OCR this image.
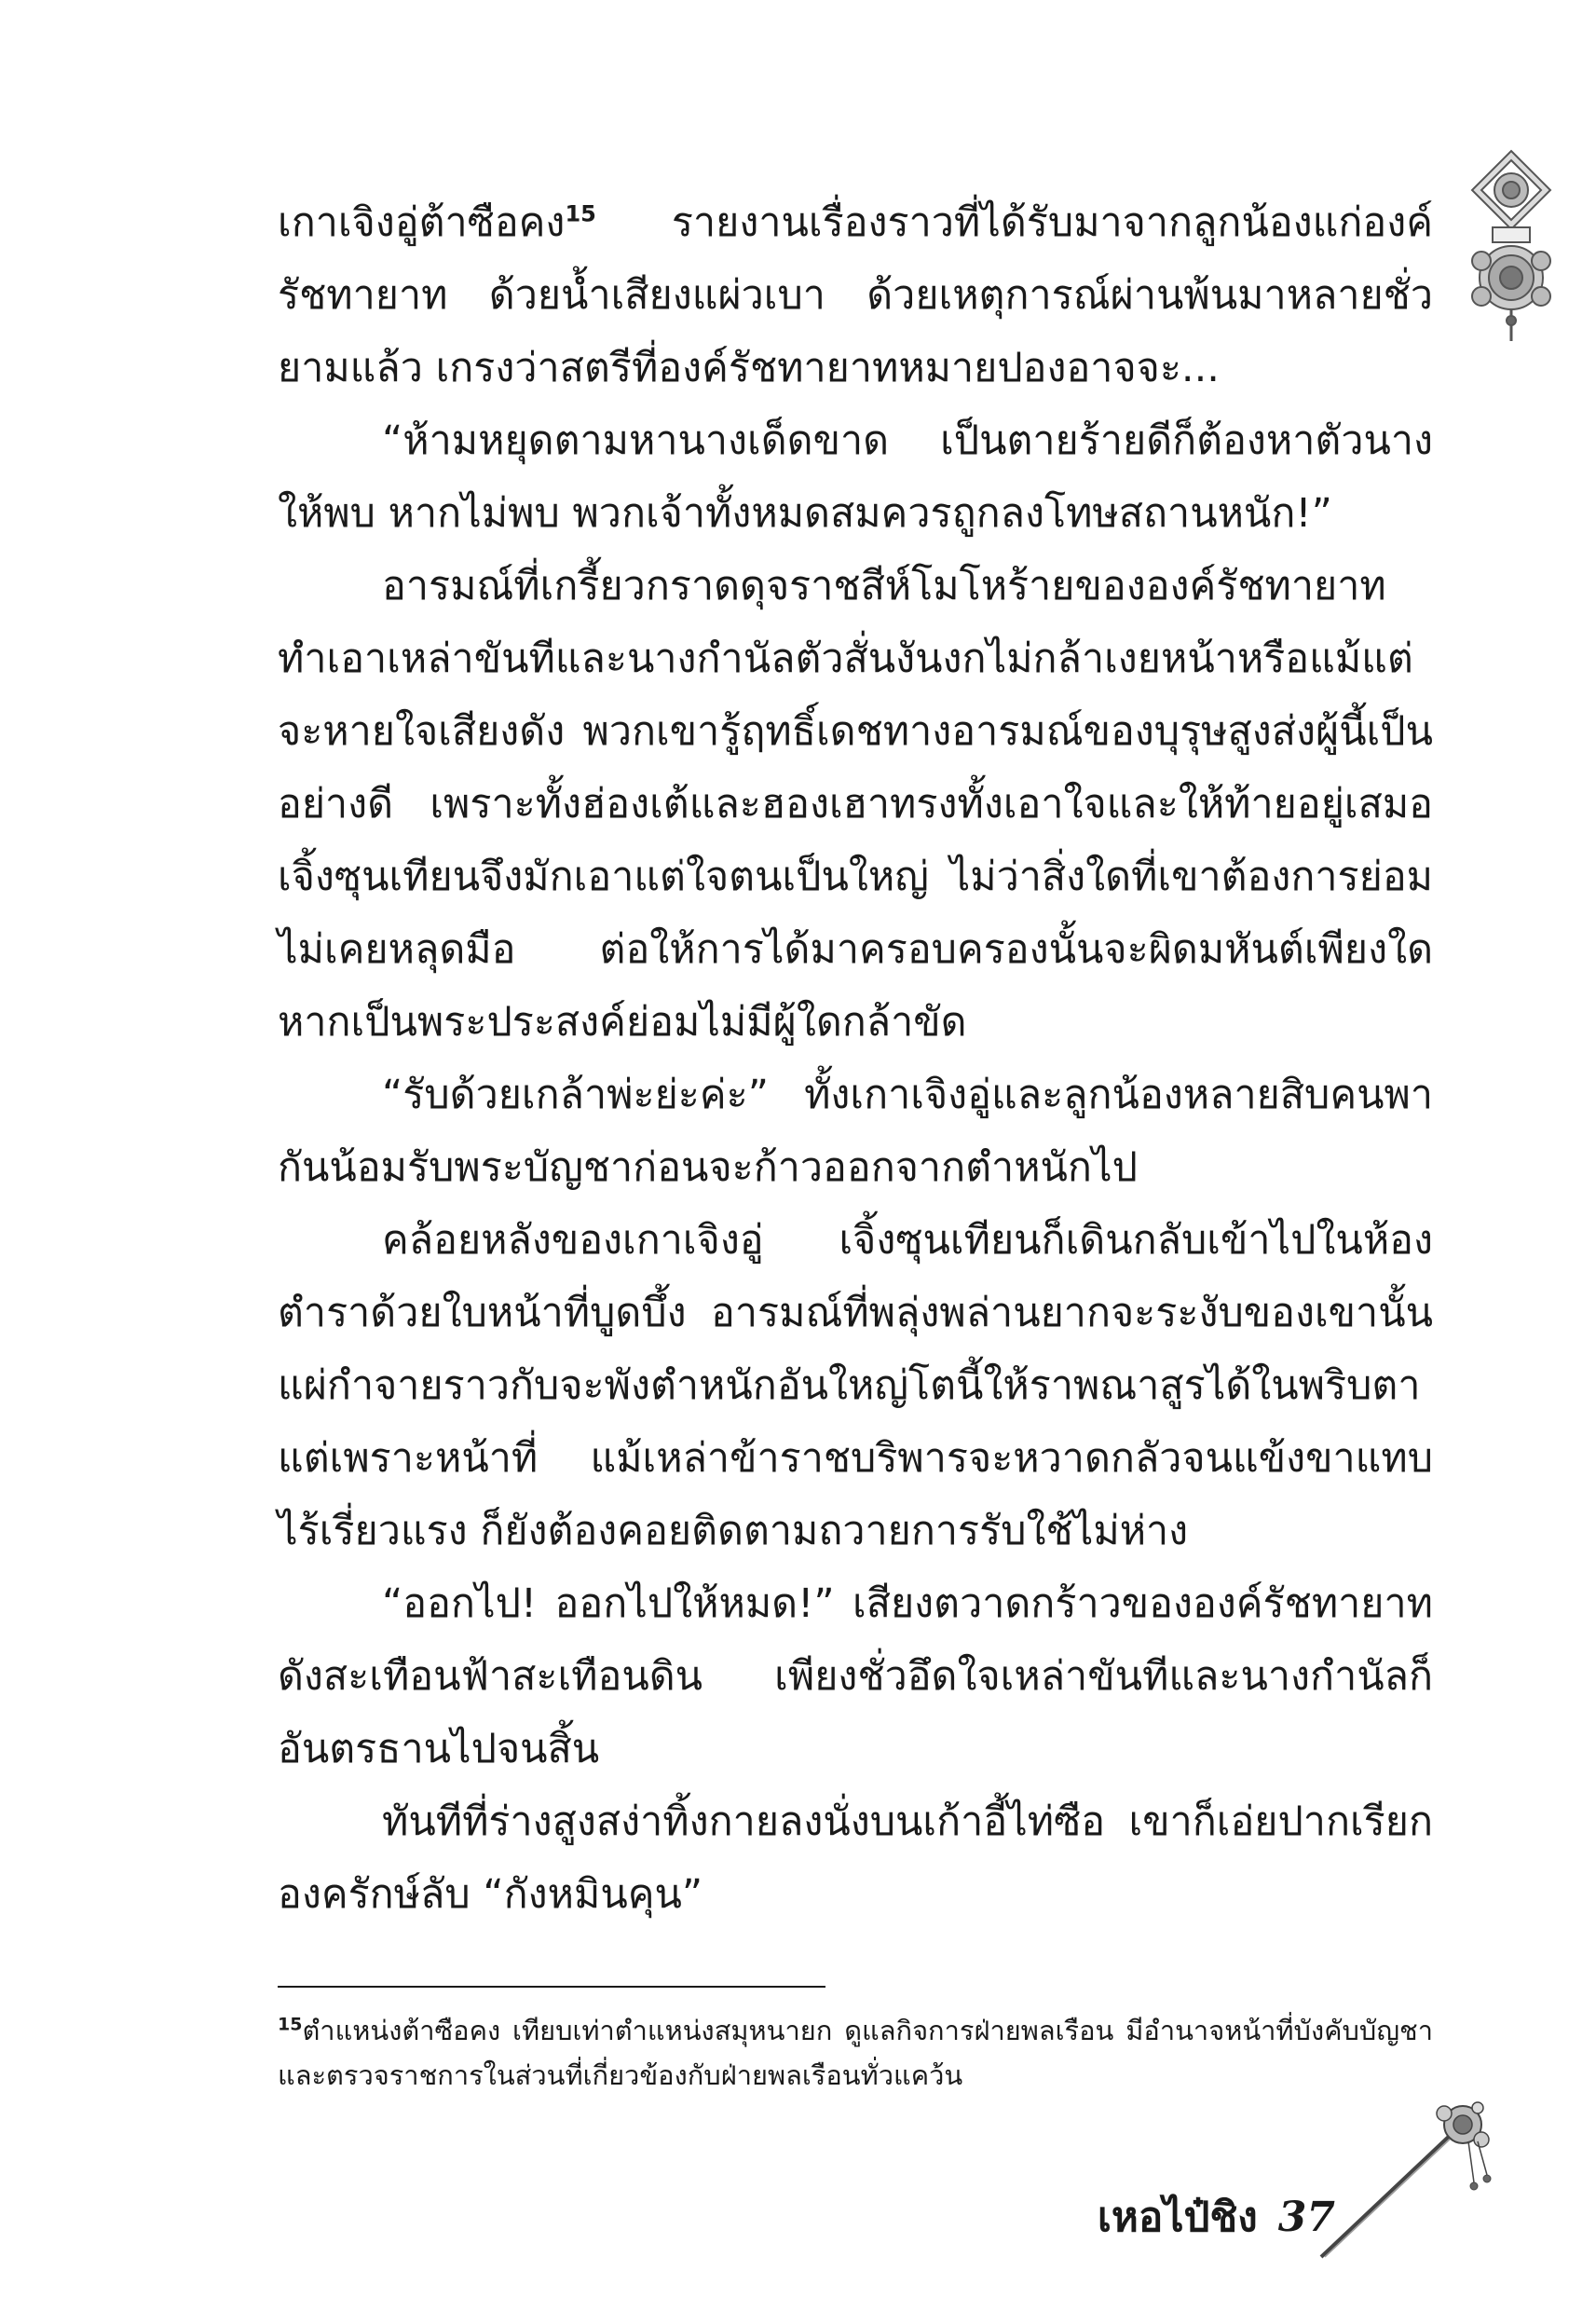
เกาเจิงอู่ต้าซือคง$^{15}$ รายงานเรื่องราวที่ได้รับมาจากลูกน้องแก่องค์รัชทายาท ด้วยน้ำเสียงแผ่วเบา ด้วยเหตุการณ์ผ่านพ้นมาหลายชั่วยามแล้ว เกรงว่าสตรีที่องค์รัชทายาทหมายปองอาจจะ...

“ห้ามหยุดตามหานางเด็ดขาด เป็นตายร้ายดีก็ต้องหาตัวนางให้พบ หากไม่พบ พวกเจ้าทั้งหมดสมควรถูกลงโทษสถานหนัก!”

อารมณ์ที่เกรี้ยวกราดดุจราชสีห์โมโหร้ายขององค์รัชทายาททำเอาเหล่าขันทีและนางกำนัลตัวสั่นงันงกไม่กล้าเงยหน้าหรือแม้แต่จะหายใจเสียงดัง พวกเขารู้ฤทธิ์เดชทางอารมณ์ของบุรุษสูงส่งผู้นี้เป็นอย่างดี เพราะทั้งฮ่องเต้และฮองเฮาทรงทั้งเอาใจและให้ท้ายอยู่เสมอ เจิ้งซุนเทียนจึงมักเอาแต่ใจตนเป็นใหญ่ ไม่ว่าสิ่งใดที่เขาต้องการย่อมไม่เคยหลุดมือ ต่อให้การได้มาครอบครองนั้นจะผิดมหันต์เพียงใด หากเป็นพระประสงค์ย่อมไม่มีผู้ใดกล้าขัด

“รับด้วยเกล้าพ่ะย่ะค่ะ” ทั้งเกาเจิงอู่และลูกน้องหลายสิบคนพากันน้อมรับพระบัญชาก่อนจะก้าวออกจากตำหนักไป

คล้อยหลังของเกาเจิงอู่ เจิ้งซุนเทียนก็เดินกลับเข้าไปในห้องตำราด้วยใบหน้าที่บูดบึ้ง อารมณ์ที่พลุ่งพล่านยากจะระงับของเขานั้นแผ่กำจายราวกับจะพังตำหนักอันใหญ่โตนี้ให้ราพณาสูรได้ในพริบตา แต่เพราะหน้าที่ แม้เหล่าข้าราชบริพารจะหวาดกลัวจนแข้งขาแทบไร้เรี่ยวแรง ก็ยังต้องคอยติดตามถวายการรับใช้ไม่ห่าง

“ออกไป! ออกไปให้หมด!” เสียงตวาดกร้าวขององค์รัชทายาทดังสะเทือนฟ้าสะเทือนดิน เพียงชั่วอึดใจเหล่าขันทีและนางกำนัลก็อันตรธานไปจนสิ้น

ทันทีที่ร่างสูงสง่าทิ้งกายลงนั่งบนเก้าอี้ไท่ซือ เขาก็เอ่ยปากเรียกองครักษ์ลับ “กังหมินคุน”

$^{15}$ตำแหน่งต้าซือคง เทียบเท่าตำแหน่งสมุหนายก ดูแลกิจการฝ่ายพลเรือน มีอำนาจหน้าที่บังคับบัญชาและตรวจราชการในส่วนที่เกี่ยวข้องกับฝ่ายพลเรือนทั่วแคว้น
เหอไป๋ชิง 37
